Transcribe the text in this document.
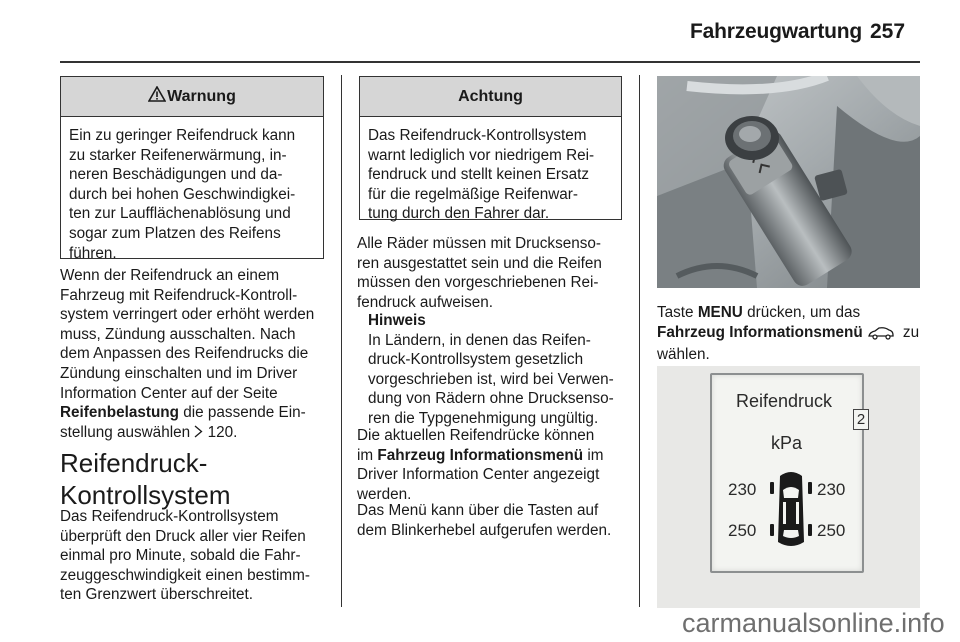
Fahrzeugwartung 257
Warnung
Ein zu geringer Reifendruck kann
zu starker Reifenerwärmung, in-
neren Beschädigungen und da-
durch bei hohen Geschwindigkei-
ten zur Laufflächenablösung und
sogar zum Platzen des Reifens
führen.
Wenn der Reifendruck an einem
Fahrzeug mit Reifendruck-Kontroll-
system verringert oder erhöht werden
muss, Zündung ausschalten. Nach
dem Anpassen des Reifendrucks die
Zündung einschalten und im Driver
Information Center auf der Seite
Reifenbelastung die passende Ein-
stellung auswählen  120.
Reifendruck-
Kontrollsystem
Das Reifendruck-Kontrollsystem
überprüft den Druck aller vier Reifen
einmal pro Minute, sobald die Fahr-
zeuggeschwindigkeit einen bestimm-
ten Grenzwert überschreitet.
Achtung
Das Reifendruck-Kontrollsystem
warnt lediglich vor niedrigem Rei-
fendruck und stellt keinen Ersatz
für die regelmäßige Reifenwar-
tung durch den Fahrer dar.
Alle Räder müssen mit Drucksenso-
ren ausgestattet sein und die Reifen
müssen den vorgeschriebenen Rei-
fendruck aufweisen.
Hinweis
In Ländern, in denen das Reifen-
druck-Kontrollsystem gesetzlich
vorgeschrieben ist, wird bei Verwen-
dung von Rädern ohne Drucksenso-
ren die Typgenehmigung ungültig.
Die aktuellen Reifendrücke können
im Fahrzeug Informationsmenü im
Driver Information Center angezeigt
werden.
Das Menü kann über die Tasten auf
dem Blinkerhebel aufgerufen werden.
Taste MENU drücken, um das
Fahrzeug Informationsmenü zu
wählen.
Reifendruck
2
kPa
230	230
250	250
carmanualsonline.info
